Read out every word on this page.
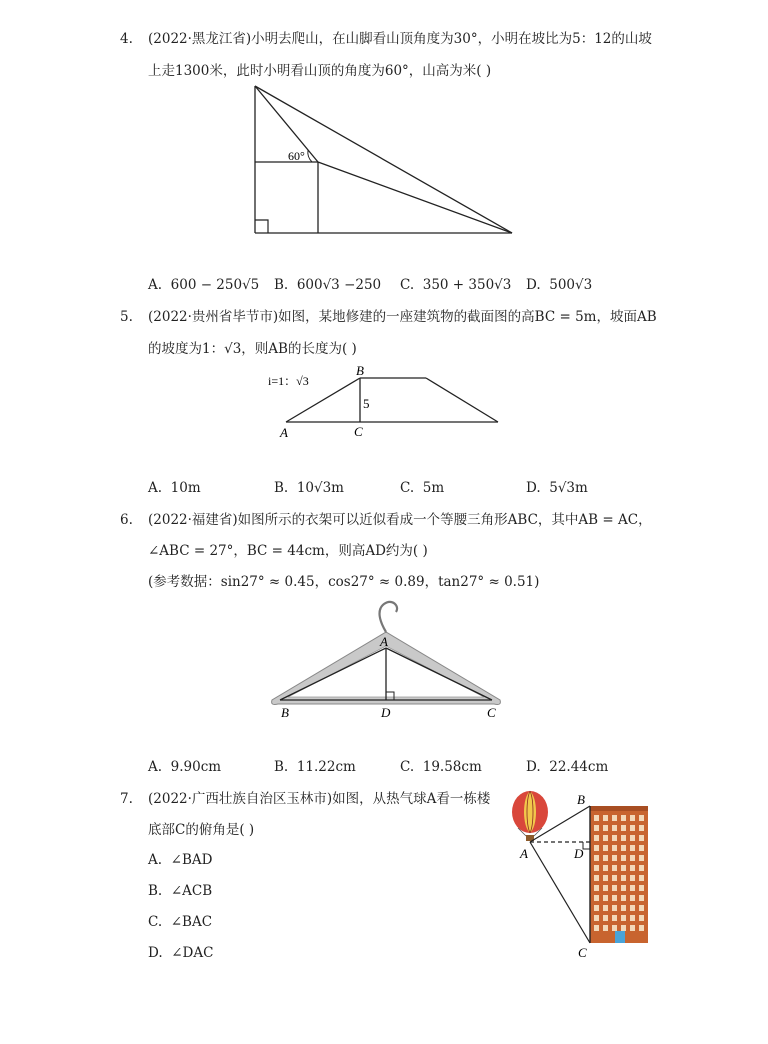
4. (2022·黑龙江省)小明去爬山，在山脚看山顶角度为30°，小明在坡比为5：12的山坡
上走1300米，此时小明看山顶的角度为60°，山高为米( )
60°
A. 600 − 250√5 B. 600√3 −250 C. 350 + 350√3 D. 500√3
5. (2022·贵州省毕节市)如图，某地修建的一座建筑物的截面图的高BC = 5m，坡面AB
的坡度为1：√3，则AB的长度为( )
i=1：√3
B
A	C
5
A. 10m	B. 10√3m	C. 5m	D. 5√3m
6. (2022·福建省)如图所示的衣架可以近似看成一个等腰三角形ABC，其中AB = AC，
∠ABC = 27°，BC = 44cm，则高AD约为( )
(参考数据：sin27° ≈ 0.45，cos27° ≈ 0.89，tan27° ≈ 0.51)
A
B	D	C
A. 9.90cm	B. 11.22cm	C. 19.58cm	D. 22.44cm
7. (2022·广西壮族自治区玉林市)如图，从热气球A看一栋楼
底部C的俯角是( )
A. ∠BAD
B. ∠ACB
C. ∠BAC
D. ∠DAC
A
B
D
C
